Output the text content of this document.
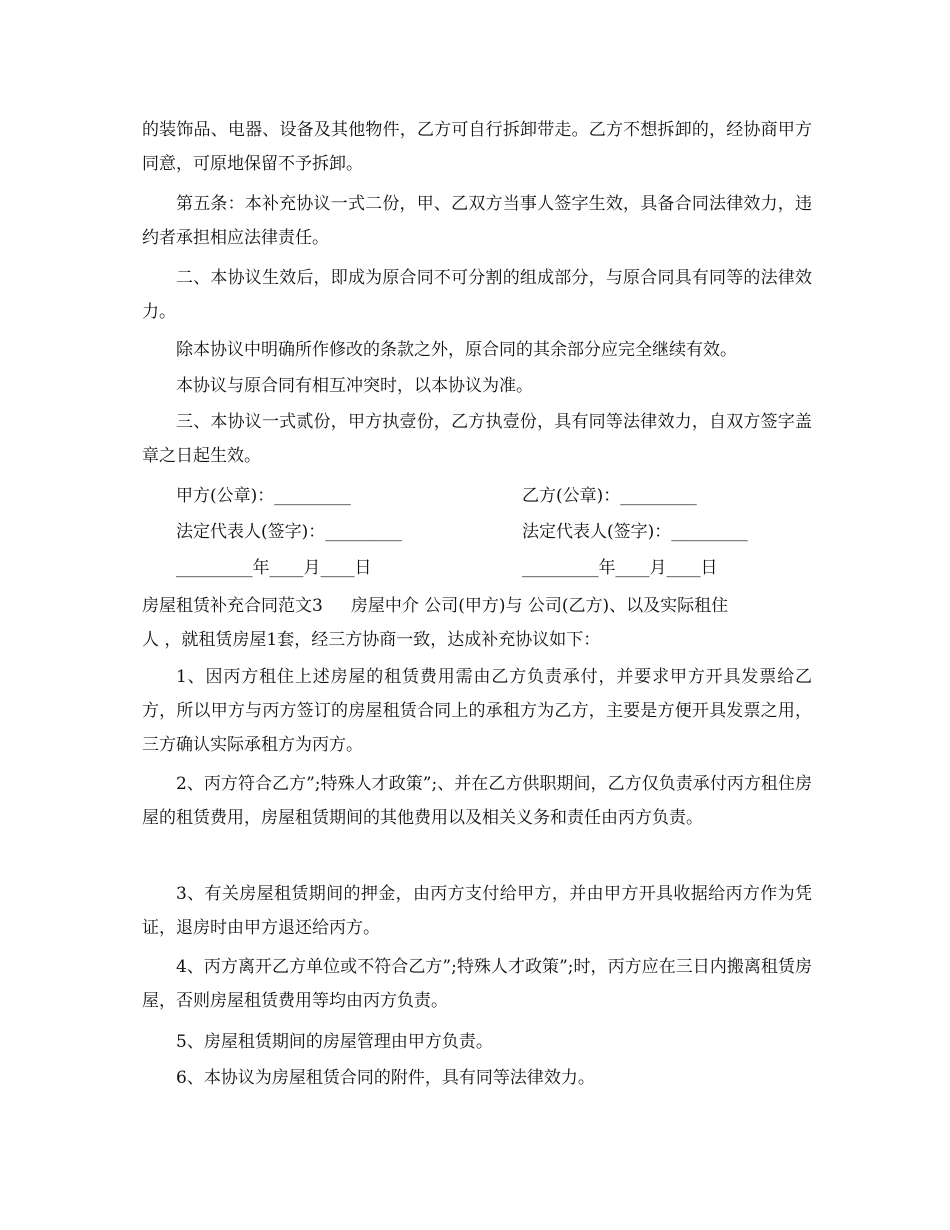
的装饰品、电器、设备及其他物件，乙方可自行拆卸带走。乙方不想拆卸的，经协商甲方同意，可原地保留不予拆卸。

第五条：本补充协议一式二份，甲、乙双方当事人签字生效，具备合同法律效力，违约者承担相应法律责任。

二、本协议生效后，即成为原合同不可分割的组成部分，与原合同具有同等的法律效力。

除本协议中明确所作修改的条款之外，原合同的其余部分应完全继续有效。

本协议与原合同有相互冲突时，以本协议为准。

三、本协议一式贰份，甲方执壹份，乙方执壹份，具有同等法律效力，自双方签字盖章之日起生效。

甲方(公章)：_________	乙方(公章)：_________
法定代表人(签字)：_________	法定代表人(签字)：_________
_________年____月____日	_________年____月____日
房屋租赁补充合同范文3 房屋中介 公司(甲方)与 公司(乙方)、以及实际租住

人 ，就租赁房屋1套，经三方协商一致，达成补充协议如下：

1、因丙方租住上述房屋的租赁费用需由乙方负责承付，并要求甲方开具发票给乙方，所以甲方与丙方签订的房屋租赁合同上的承租方为乙方，主要是方便开具发票之用，三方确认实际承租方为丙方。

2、丙方符合乙方”;特殊人才政策”;、并在乙方供职期间，乙方仅负责承付丙方租住房屋的租赁费用，房屋租赁期间的其他费用以及相关义务和责任由丙方负责。

3、有关房屋租赁期间的押金，由丙方支付给甲方，并由甲方开具收据给丙方作为凭证，退房时由甲方退还给丙方。

4、丙方离开乙方单位或不符合乙方”;特殊人才政策”;时，丙方应在三日内搬离租赁房屋，否则房屋租赁费用等均由丙方负责。

5、房屋租赁期间的房屋管理由甲方负责。

6、本协议为房屋租赁合同的附件，具有同等法律效力。
